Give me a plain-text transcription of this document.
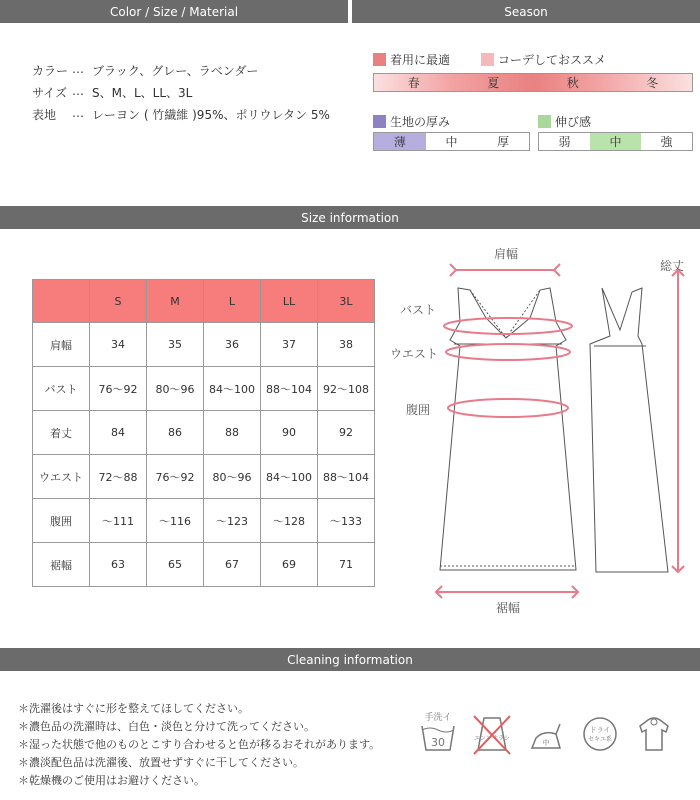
Color / Size / Material	Season
カラー … ブラック、グレー、ラベンダー
サイズ … S、M、L、LL、3L
表地	… レーヨン ( 竹繊維 )95%、ポリウレタン 5%
着用に最適	コーデしておススメ
春	夏	秋	冬
生地の厚み
薄	中	厚
伸び感
弱	中	強
Size information
	S	M	L	LL	3L
肩幅	34	35	36	37	38
バスト	76〜92	80〜96	84〜100	88〜104	92〜108
着丈	84	86	88	90	92
ウエスト	72〜88	76〜92	80〜96	84〜100	88〜104
腹囲	〜111	〜116	〜123	〜128	〜133
裾幅	63	65	67	69	71
肩幅
バスト
ウエスト
腹囲
裾幅
総丈
Cleaning information
＊洗濯後はすぐに形を整えてほしてください。
＊濃色品の洗濯時は、白色・淡色と分けて洗ってください。
＊湿った状態で他のものとこすり合わせると色が移るおそれがあります。
＊濃淡配色品は洗濯後、放置せずすぐに干してください。
＊乾燥機のご使用はお避けください。
手洗イ
30	エンソサラシ
中
ドライ
セキユ系
